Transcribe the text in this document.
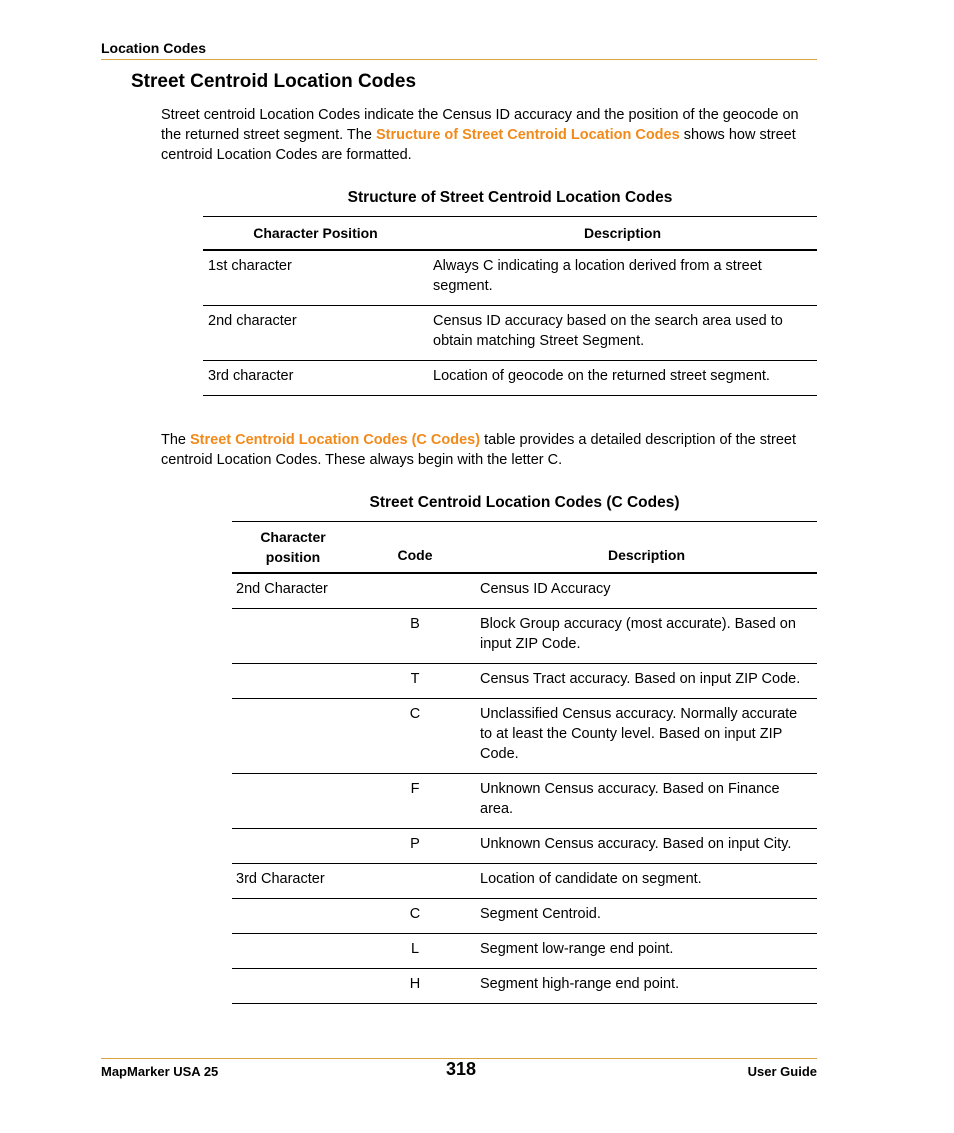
Location Codes
Street Centroid Location Codes
Street centroid Location Codes indicate the Census ID accuracy and the position of the geocode on the returned street segment. The Structure of Street Centroid Location Codes shows how street centroid Location Codes are formatted.
Structure of Street Centroid Location Codes
Character Position	Description
1st character	Always C indicating a location derived from a street segment.
2nd character	Census ID accuracy based on the search area used to obtain matching Street Segment.
3rd character	Location of geocode on the returned street segment.
The Street Centroid Location Codes (C Codes) table provides a detailed description of the street centroid Location Codes. These always begin with the letter C.
Street Centroid Location Codes (C Codes)
Character position	Code	Description
2nd Character		Census ID Accuracy
	B	Block Group accuracy (most accurate). Based on input ZIP Code.
	T	Census Tract accuracy. Based on input ZIP Code.
	C	Unclassified Census accuracy. Normally accurate to at least the County level. Based on input ZIP Code.
	F	Unknown Census accuracy. Based on Finance area.
	P	Unknown Census accuracy. Based on input City.
3rd Character		Location of candidate on segment.
	C	Segment Centroid.
	L	Segment low-range end point.
	H	Segment high-range end point.
MapMarker USA 25	318	User Guide
